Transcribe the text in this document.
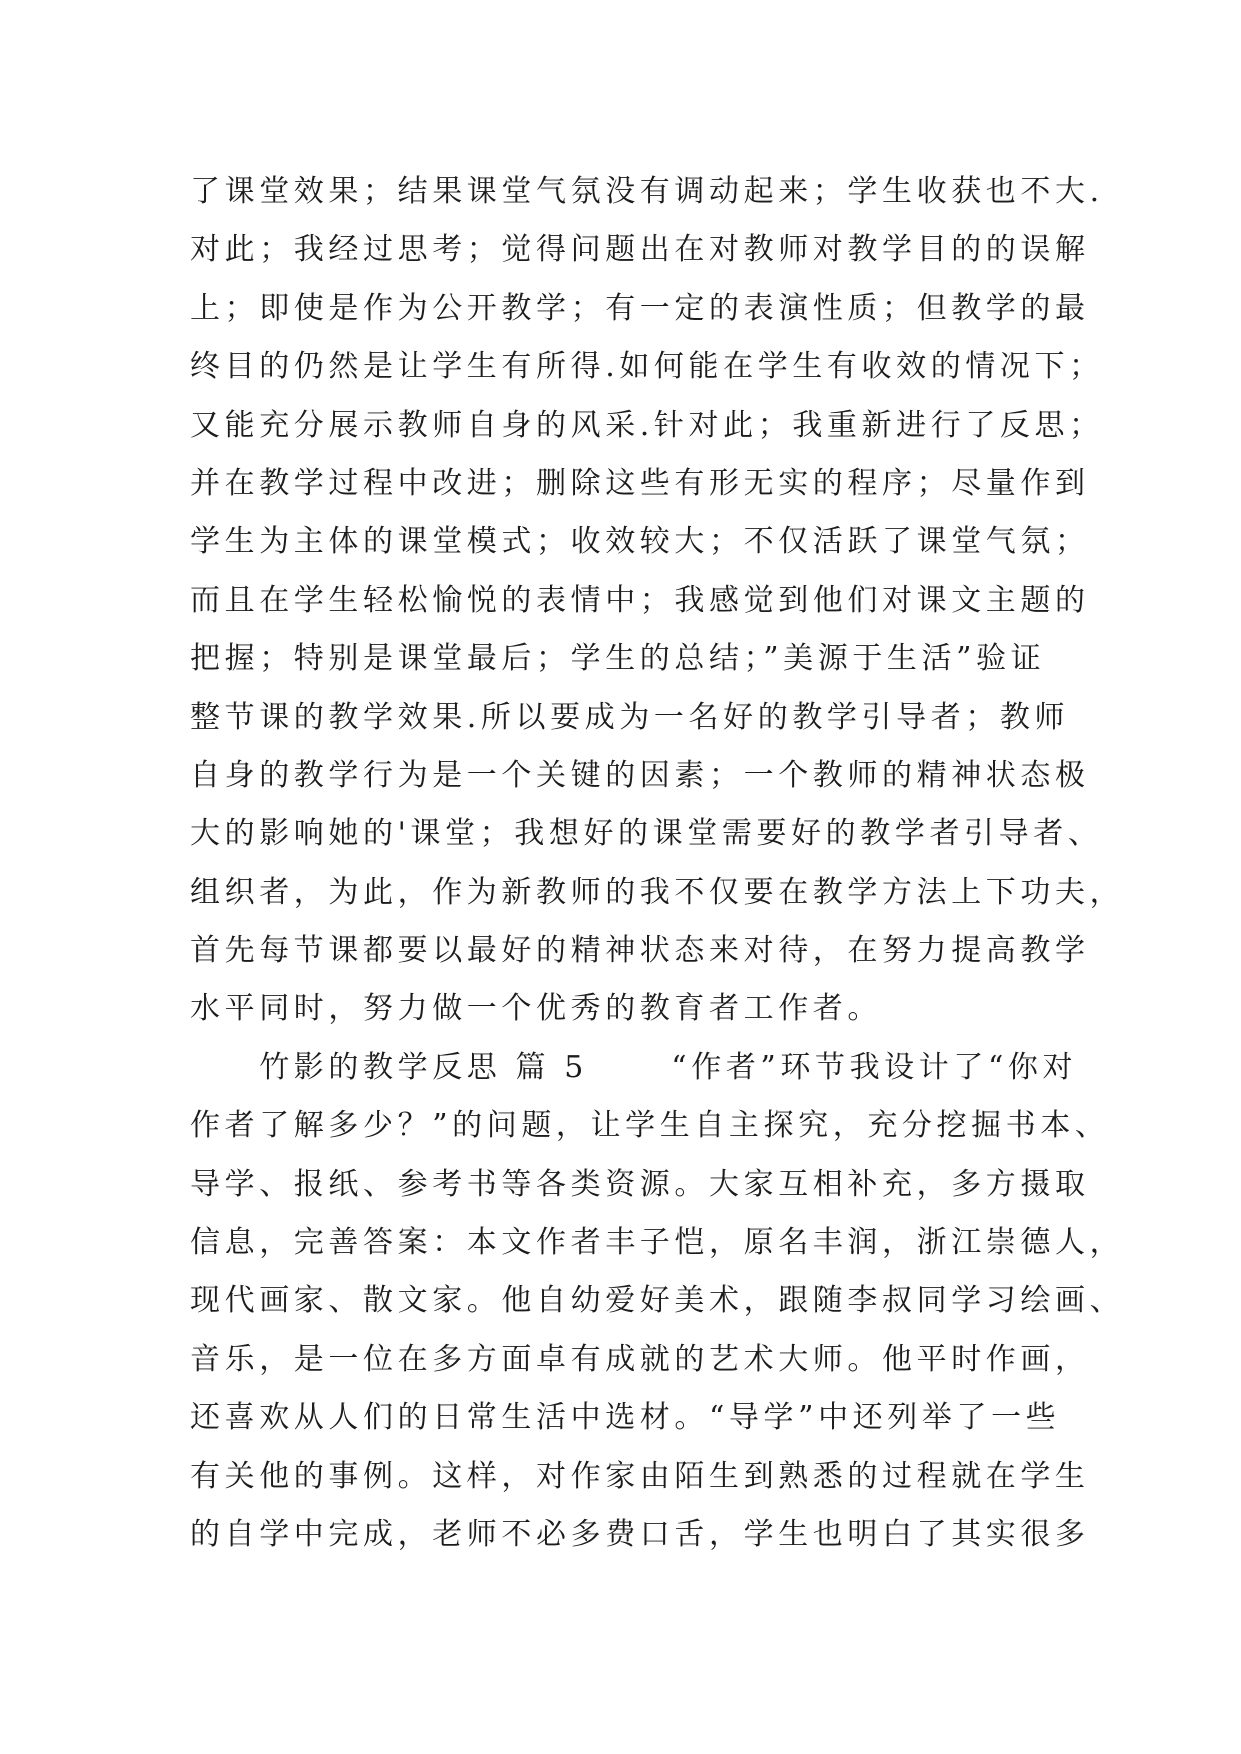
了课堂效果；结果课堂气氛没有调动起来；学生收获也不大.
对此；我经过思考；觉得问题出在对教师对教学目的的误解
上；即使是作为公开教学；有一定的表演性质；但教学的最
终目的仍然是让学生有所得.如何能在学生有收效的情况下；
又能充分展示教师自身的风采.针对此；我重新进行了反思；
并在教学过程中改进；删除这些有形无实的程序；尽量作到
学生为主体的课堂模式；收效较大；不仅活跃了课堂气氛；
而且在学生轻松愉悦的表情中；我感觉到他们对课文主题的
把握；特别是课堂最后；学生的总结；”美源于生活”验证
整节课的教学效果.所以要成为一名好的教学引导者；教师
自身的教学行为是一个关键的因素；一个教师的精神状态极
大的影响她的'课堂；我想好的课堂需要好的教学者引导者、
组织者，为此，作为新教师的我不仅要在教学方法上下功夫，
首先每节课都要以最好的精神状态来对待，在努力提高教学
水平同时，努力做一个优秀的教育者工作者。
　　竹影的教学反思 篇 5　　 “作者”环节我设计了“你对
作者了解多少？”的问题，让学生自主探究，充分挖掘书本、
导学、报纸、参考书等各类资源。大家互相补充，多方摄取
信息，完善答案：本文作者丰子恺，原名丰润，浙江崇德人，
现代画家、散文家。他自幼爱好美术，跟随李叔同学习绘画、
音乐，是一位在多方面卓有成就的艺术大师。他平时作画，
还喜欢从人们的日常生活中选材。“导学”中还列举了一些
有关他的事例。这样，对作家由陌生到熟悉的过程就在学生
的自学中完成，老师不必多费口舌，学生也明白了其实很多
